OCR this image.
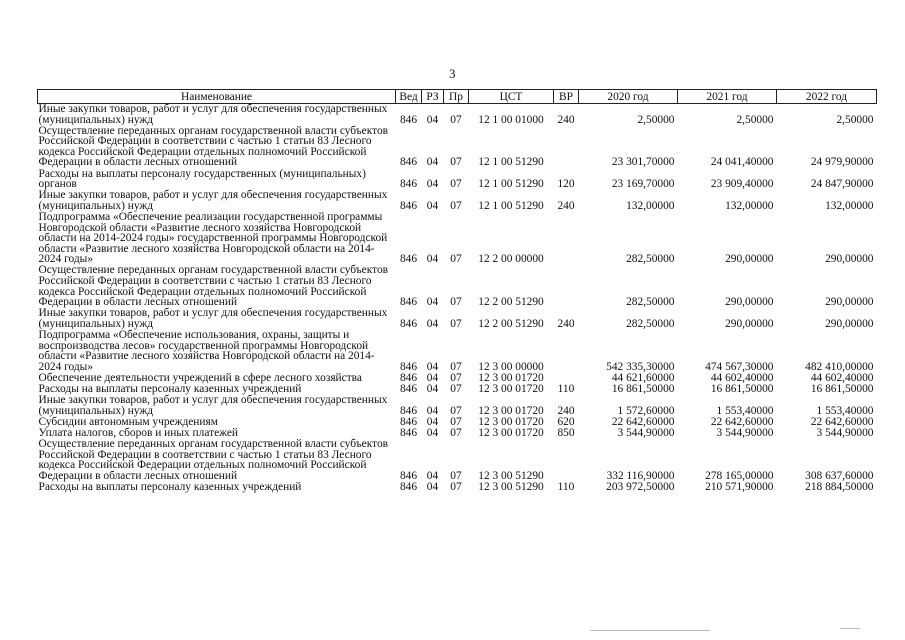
3
Наименование	Вед	РЗ	Пр	ЦСТ	ВР	2020 год	2021 год	2022 год
Иные закупки товаров, работ и услуг для обеспечения государственных (муниципальных) нужд	846	04	07	12 1 00 01000	240	2,50000	2,50000	2,50000
Осуществление переданных органам государственной власти субъектов Российской Федерации в соответствии с частью 1 статьи 83 Лесного кодекса Российской Федерации отдельных полномочий Российской Федерации в области лесных отношений	846	04	07	12 1 00 51290		23 301,70000	24 041,40000	24 979,90000
Расходы на выплаты персоналу государственных (муниципальных) органов	846	04	07	12 1 00 51290	120	23 169,70000	23 909,40000	24 847,90000
Иные закупки товаров, работ и услуг для обеспечения государственных (муниципальных) нужд	846	04	07	12 1 00 51290	240	132,00000	132,00000	132,00000
Подпрограмма «Обеспечение реализации государственной программы Новгородской области «Развитие лесного хозяйства Новгородской области на 2014-2024 годы» государственной программы Новгородской области «Развитие лесного хозяйства Новгородской области на 2014-2024 годы»	846	04	07	12 2 00 00000		282,50000	290,00000	290,00000
Осуществление переданных органам государственной власти субъектов Российской Федерации в соответствии с частью 1 статьи 83 Лесного кодекса Российской Федерации отдельных полномочий Российской Федерации в области лесных отношений	846	04	07	12 2 00 51290		282,50000	290,00000	290,00000
Иные закупки товаров, работ и услуг для обеспечения государственных (муниципальных) нужд	846	04	07	12 2 00 51290	240	282,50000	290,00000	290,00000
Подпрограмма «Обеспечение использования, охраны, защиты и воспроизводства лесов» государственной программы Новгородской области «Развитие лесного хозяйства Новгородской области на 2014-2024 годы»	846	04	07	12 3 00 00000		542 335,30000	474 567,30000	482 410,00000
Обеспечение деятельности учреждений в сфере лесного хозяйства	846	04	07	12 3 00 01720		44 621,60000	44 602,40000	44 602,40000
Расходы на выплаты персоналу казенных учреждений	846	04	07	12 3 00 01720	110	16 861,50000	16 861,50000	16 861,50000
Иные закупки товаров, работ и услуг для обеспечения государственных (муниципальных) нужд	846	04	07	12 3 00 01720	240	1 572,60000	1 553,40000	1 553,40000
Субсидии автономным учреждениям	846	04	07	12 3 00 01720	620	22 642,60000	22 642,60000	22 642,60000
Уплата налогов, сборов и иных платежей	846	04	07	12 3 00 01720	850	3 544,90000	3 544,90000	3 544,90000
Осуществление переданных органам государственной власти субъектов Российской Федерации в соответствии с частью 1 статьи 83 Лесного кодекса Российской Федерации отдельных полномочий Российской Федерации в области лесных отношений	846	04	07	12 3 00 51290		332 116,90000	278 165,00000	308 637,60000
Расходы на выплаты персоналу казенных учреждений	846	04	07	12 3 00 51290	110	203 972,50000	210 571,90000	218 884,50000
